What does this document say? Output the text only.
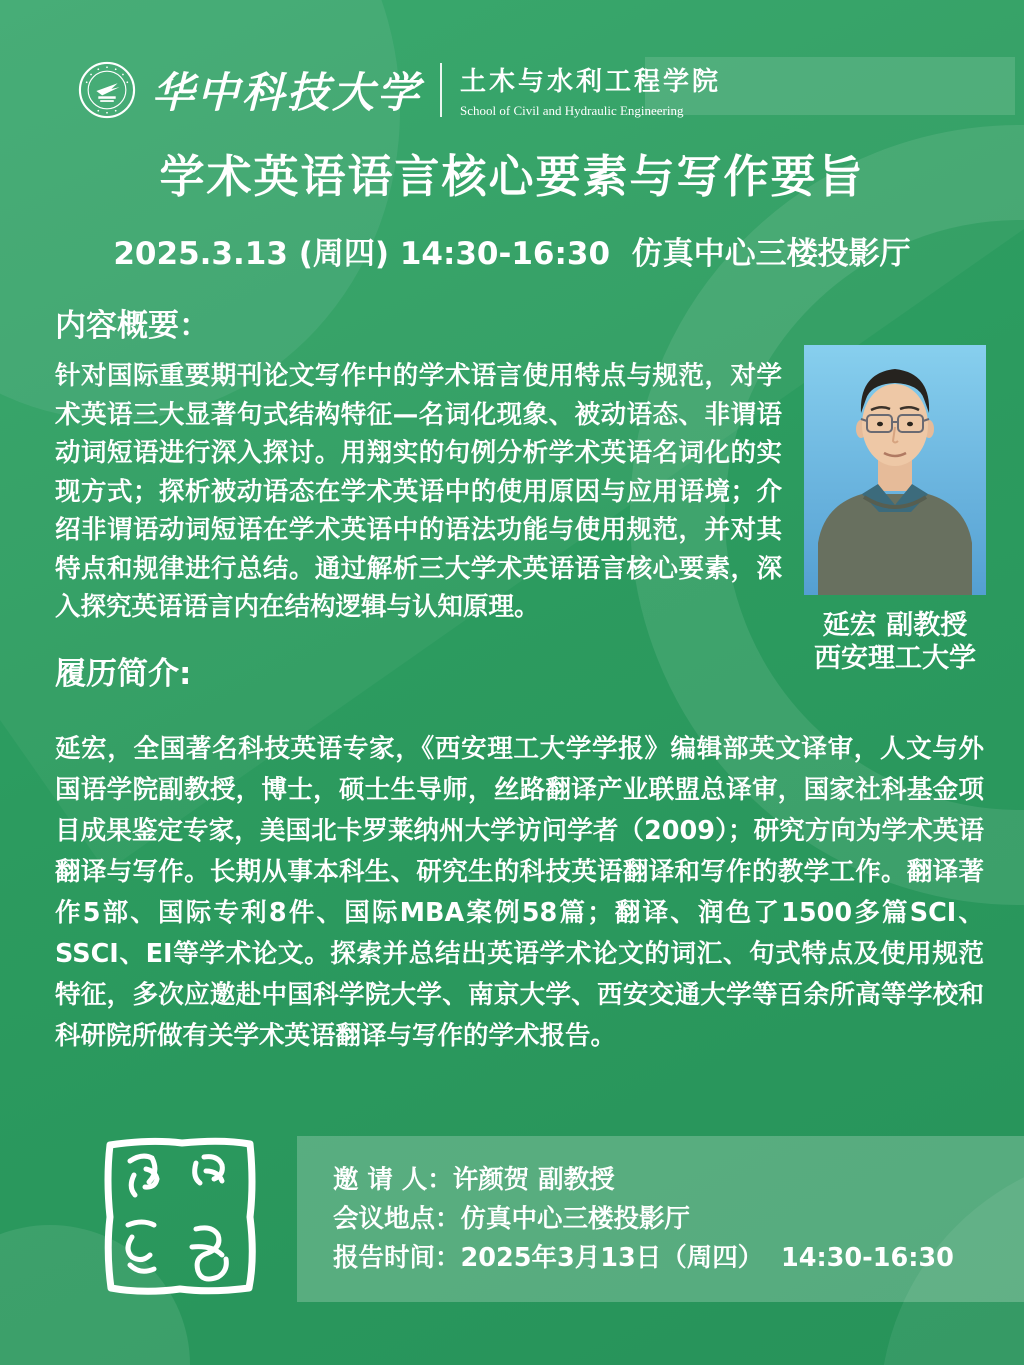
华中科技大学 土木与水利工程学院
School of Civil and Hydraulic Engineering
学术英语语言核心要素与写作要旨
2025.3.13 (周四) 14:30-16:30  仿真中心三楼投影厅
内容概要：
延宏 副教授
西安理工大学

针对国际重要期刊论文写作中的学术语言使用特点与规范，对学术英语三大显著句式结构特征—名词化现象、被动语态、非谓语动词短语进行深入探讨。用翔实的句例分析学术英语名词化的实现方式；探析被动语态在学术英语中的使用原因与应用语境；介绍非谓语动词短语在学术英语中的语法功能与使用规范，并对其特点和规律进行总结。通过解析三大学术英语语言核心要素，深入探究英语语言内在结构逻辑与认知原理。

履历简介:

延宏，全国著名科技英语专家，《西安理工大学学报》编辑部英文译审，人文与外国语学院副教授，博士，硕士生导师，丝路翻译产业联盟总译审，国家社科基金项目成果鉴定专家，美国北卡罗莱纳州大学访问学者（2009）；研究方向为学术英语翻译与写作。长期从事本科生、研究生的科技英语翻译和写作的教学工作。翻译著作5部、国际专利8件、国际MBA案例58篇；翻译、润色了1500多篇SCI、SSCI、EI等学术论文。探索并总结出英语学术论文的词汇、句式特点及使用规范特征，多次应邀赴中国科学院大学、南京大学、西安交通大学等百余所高等学校和科研院所做有关学术英语翻译与写作的学术报告。

邀 请 人：许颜贺 副教授
会议地点：仿真中心三楼投影厅
报告时间：2025年3月13日（周四）  14:30-16:30
